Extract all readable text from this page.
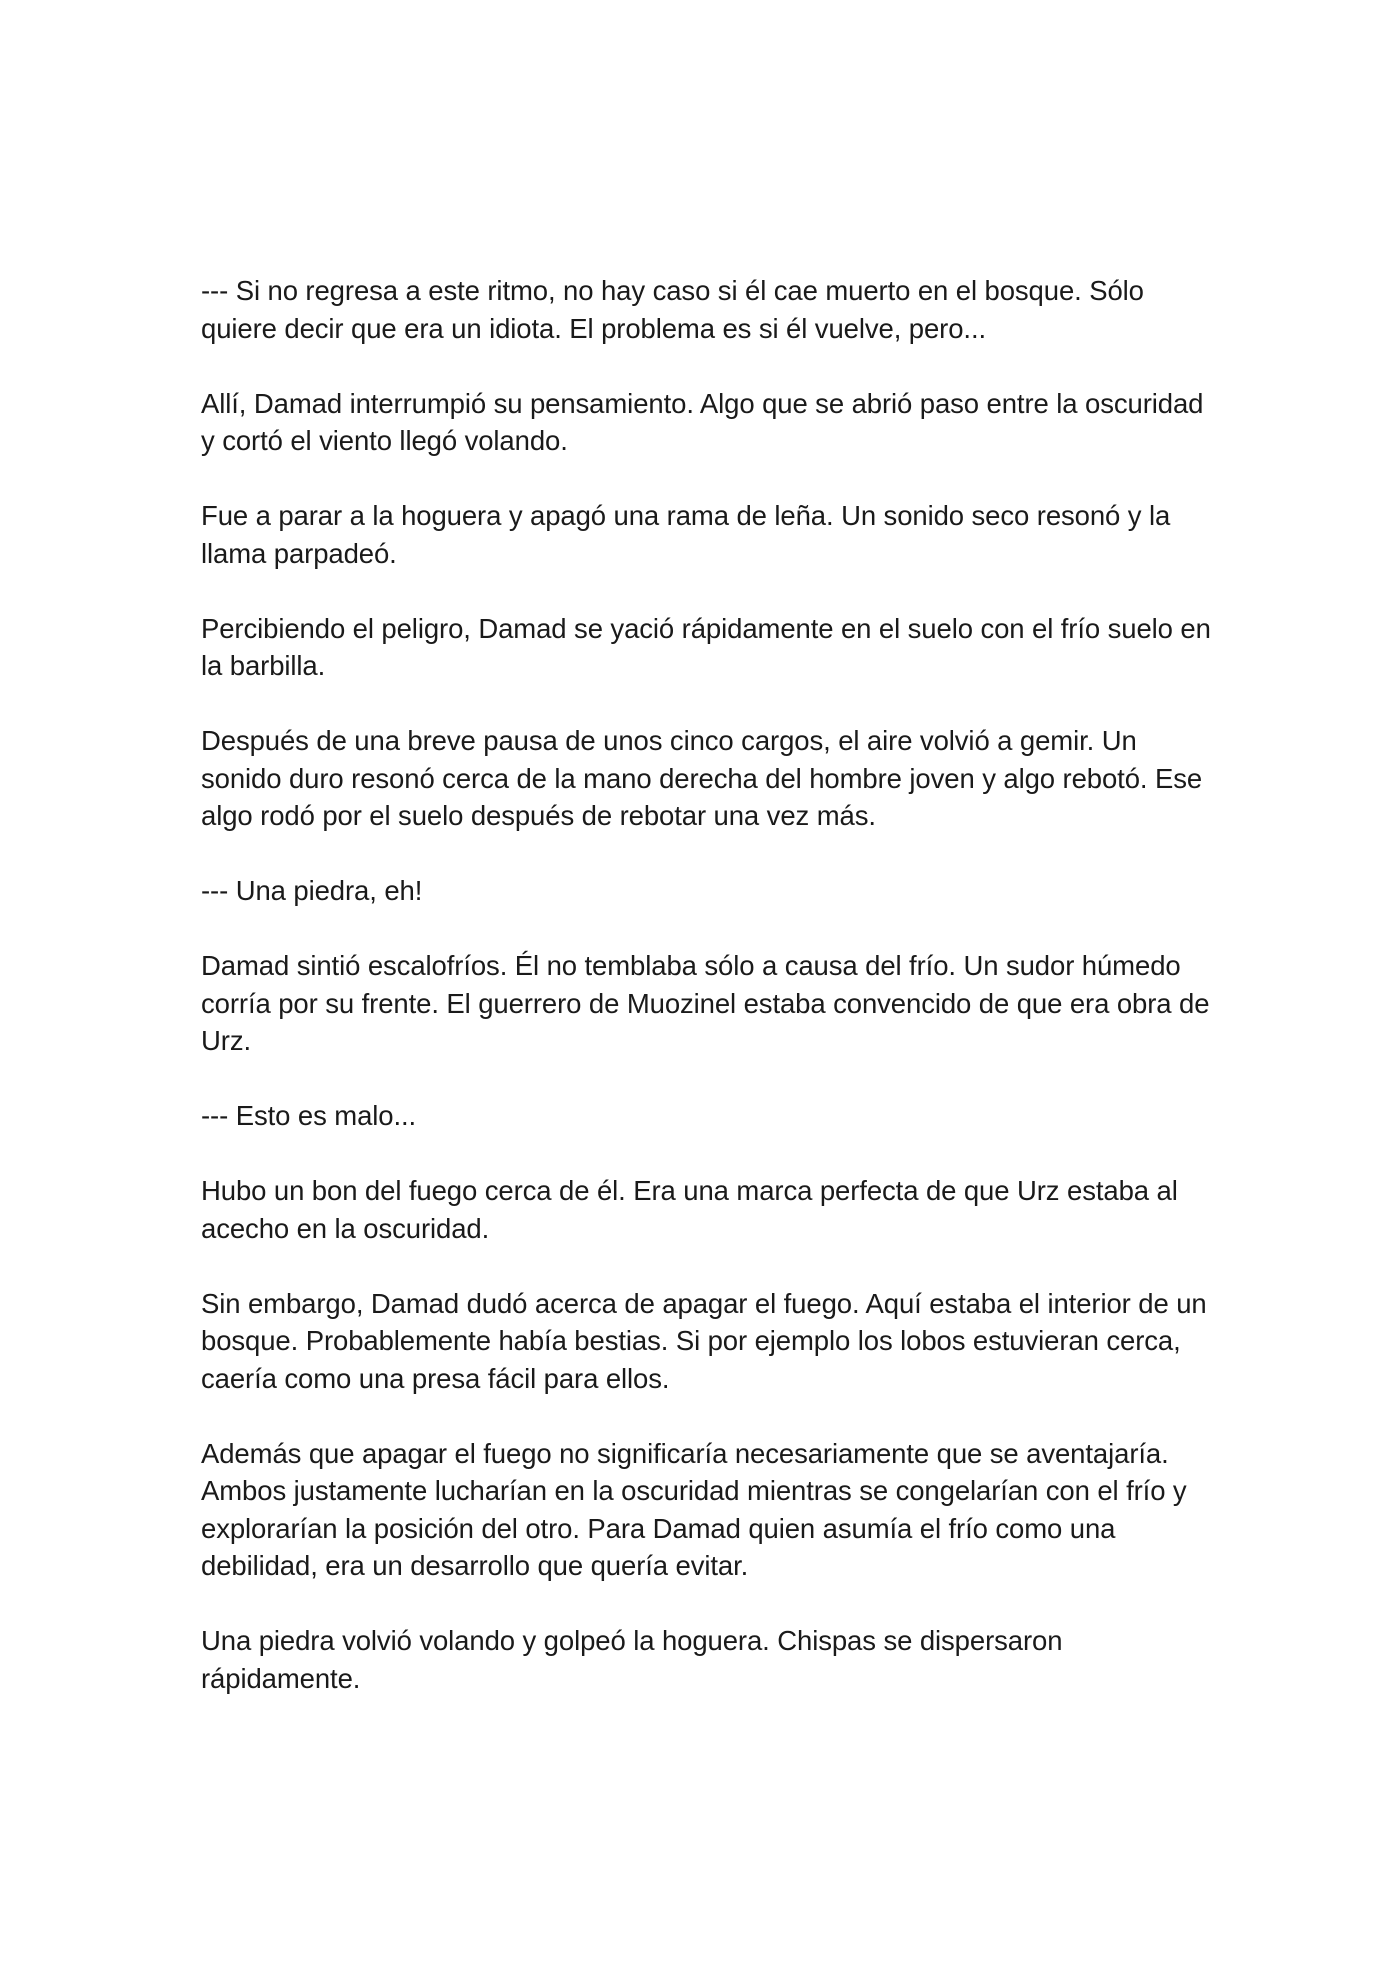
--- Si no regresa a este ritmo, no hay caso si él cae muerto en el bosque. Sólo quiere decir que era un idiota. El problema es si él vuelve, pero...

Allí, Damad interrumpió su pensamiento. Algo que se abrió paso entre la oscuridad y cortó el viento llegó volando.

Fue a parar a la hoguera y apagó una rama de leña. Un sonido seco resonó y la llama parpadeó.

Percibiendo el peligro, Damad se yació rápidamente en el suelo con el frío suelo en la barbilla.

Después de una breve pausa de unos cinco cargos, el aire volvió a gemir. Un sonido duro resonó cerca de la mano derecha del hombre joven y algo rebotó. Ese algo rodó por el suelo después de rebotar una vez más.

--- Una piedra, eh!

Damad sintió escalofríos. Él no temblaba sólo a causa del frío. Un sudor húmedo corría por su frente. El guerrero de Muozinel estaba convencido de que era obra de Urz.

--- Esto es malo...

Hubo un bon del fuego cerca de él. Era una marca perfecta de que Urz estaba al acecho en la oscuridad.

Sin embargo, Damad dudó acerca de apagar el fuego. Aquí estaba el interior de un bosque. Probablemente había bestias. Si por ejemplo los lobos estuvieran cerca, caería como una presa fácil para ellos.

Además que apagar el fuego no significaría necesariamente que se aventajaría. Ambos justamente lucharían en la oscuridad mientras se congelarían con el frío y explorarían la posición del otro. Para Damad quien asumía el frío como una debilidad, era un desarrollo que quería evitar.

Una piedra volvió volando y golpeó la hoguera. Chispas se dispersaron rápidamente.
